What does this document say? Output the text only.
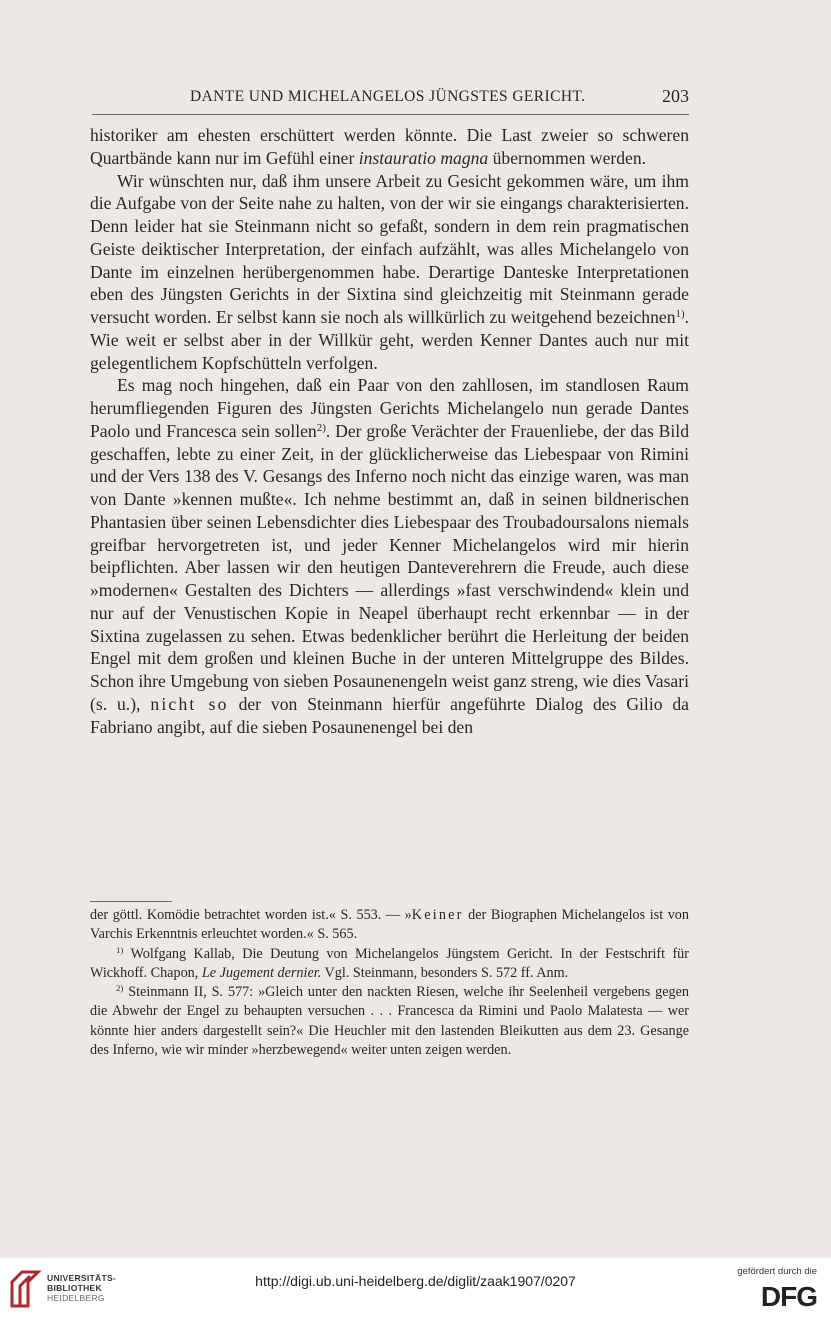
DANTE UND MICHELANGELOS JÜNGSTES GERICHT.	203

historiker am ehesten erschüttert werden könnte. Die Last zweier so schweren Quartbände kann nur im Gefühl einer instauratio magna übernommen werden.

Wir wünschten nur, daß ihm unsere Arbeit zu Gesicht gekommen wäre, um ihm die Aufgabe von der Seite nahe zu halten, von der wir sie eingangs charakterisierten. Denn leider hat sie Steinmann nicht so gefaßt, sondern in dem rein pragmatischen Geiste deiktischer Interpretation, der einfach aufzählt, was alles Michelangelo von Dante im einzelnen herübergenommen habe. Derartige Danteske Interpretationen eben des Jüngsten Gerichts in der Sixtina sind gleichzeitig mit Steinmann gerade versucht worden. Er selbst kann sie noch als willkürlich zu weitgehend bezeichnen$^{1)}$. Wie weit er selbst aber in der Willkür geht, werden Kenner Dantes auch nur mit gelegentlichem Kopfschütteln verfolgen.

Es mag noch hingehen, daß ein Paar von den zahllosen, im standlosen Raum herumfliegenden Figuren des Jüngsten Gerichts Michelangelo nun gerade Dantes Paolo und Francesca sein sollen$^{2)}$. Der große Verächter der Frauenliebe, der das Bild geschaffen, lebte zu einer Zeit, in der glücklicherweise das Liebespaar von Rimini und der Vers 138 des V. Gesangs des Inferno noch nicht das einzige waren, was man von Dante »kennen mußte«. Ich nehme bestimmt an, daß in seinen bildnerischen Phantasien über seinen Lebensdichter dies Liebespaar des Troubadoursalons niemals greifbar hervorgetreten ist, und jeder Kenner Michelangelos wird mir hierin beipflichten. Aber lassen wir den heutigen Danteverehrern die Freude, auch diese »modernen« Gestalten des Dichters — allerdings »fast verschwindend« klein und nur auf der Venustischen Kopie in Neapel überhaupt recht erkennbar — in der Sixtina zugelassen zu sehen. Etwas bedenklicher berührt die Herleitung der beiden Engel mit dem großen und kleinen Buche in der unteren Mittelgruppe des Bildes. Schon ihre Umgebung von sieben Posaunenengeln weist ganz streng, wie dies Vasari (s. u.), nicht so der von Steinmann hierfür angeführte Dialog des Gilio da Fabriano angibt, auf die sieben Posaunenengel bei den

der göttl. Komödie betrachtet worden ist.« S. 553. — »Keiner der Biographen Michelangelos ist von Varchis Erkenntnis erleuchtet worden.« S. 565.

$^{1)}$ Wolfgang Kallab, Die Deutung von Michelangelos Jüngstem Gericht. In der Festschrift für Wickhoff. Chapon, Le Jugement dernier. Vgl. Steinmann, besonders S. 572 ff. Anm.

$^{2)}$ Steinmann II, S. 577: »Gleich unter den nackten Riesen, welche ihr Seelenheil vergebens gegen die Abwehr der Engel zu behaupten versuchen . . . Francesca da Rimini und Paolo Malatesta — wer könnte hier anders dargestellt sein?« Die Heuchler mit den lastenden Bleikutten aus dem 23. Gesange des Inferno, wie wir minder »herzbewegend« weiter unten zeigen werden.

UNIVERSITÄTS-
BIBLIOTHEK
HEIDELBERG
http://digi.ub.uni-heidelberg.de/diglit/zaak1907/0207
gefördert durch die
DFG
